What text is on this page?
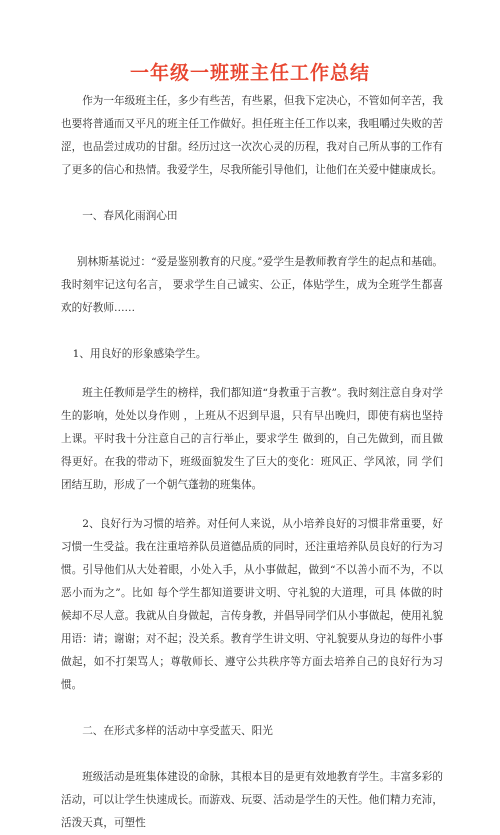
一年级一班班主任工作总结

作为一年级班主任，多少有些苦，有些累，但我下定决心，不管如何辛苦，我也要将普通而又平凡的班主任工作做好。担任班主任工作以来，我咀嚼过失败的苦涩，也品尝过成功的甘甜。经历过这一次次心灵的历程，我对自己所从事的工作有了更多的信心和热情。我爱学生，尽我所能引导他们，让他们在关爱中健康成长。

一、春风化雨润心田

别林斯基说过：“爱是鉴别教育的尺度。”爱学生是教师教育学生的起点和基础。我时刻牢记这句名言， 要求学生自己诚实、公正，体贴学生，成为全班学生都喜欢的好教师……

1、用良好的形象感染学生。

班主任教师是学生的榜样，我们都知道“身教重于言教”。我时刻注意自身对学生的影响，处处以身作则 ，上班从不迟到早退，只有早出晚归，即使有病也坚持上课。平时我十分注意自己的言行举止，要求学生 做到的，自己先做到，而且做得更好。在我的带动下，班级面貌发生了巨大的变化：班风正、学风浓，同 学们团结互助，形成了一个朝气蓬勃的班集体。

2、良好行为习惯的培养。对任何人来说，从小培养良好的习惯非常重要，好习惯一生受益。我在注重培养队员道德品质的同时，还注重培养队员良好的行为习惯。引导他们从大处着眼，小处入手，从小事做起，做到“不以善小而不为，不以恶小而为之”。比如 每个学生都知道要讲文明、守礼貌的大道理，可具 体做的时候却不尽人意。我就从自身做起，言传身教，并倡导同学们从小事做起，使用礼貌用语：请；谢谢；对不起；没关系。教育学生讲文明、守礼貌要从身边的每件小事做起，如不打架骂人；尊敬师长、遵守公共秩序等方面去培养自己的良好行为习惯。

二、在形式多样的活动中享受蓝天、阳光

班级活动是班集体建设的命脉，其根本目的是更有效地教育学生。丰富多彩的活动，可以让学生快速成长。而游戏、玩耍、活动是学生的天性。他们精力充沛，活泼天真，可塑性
